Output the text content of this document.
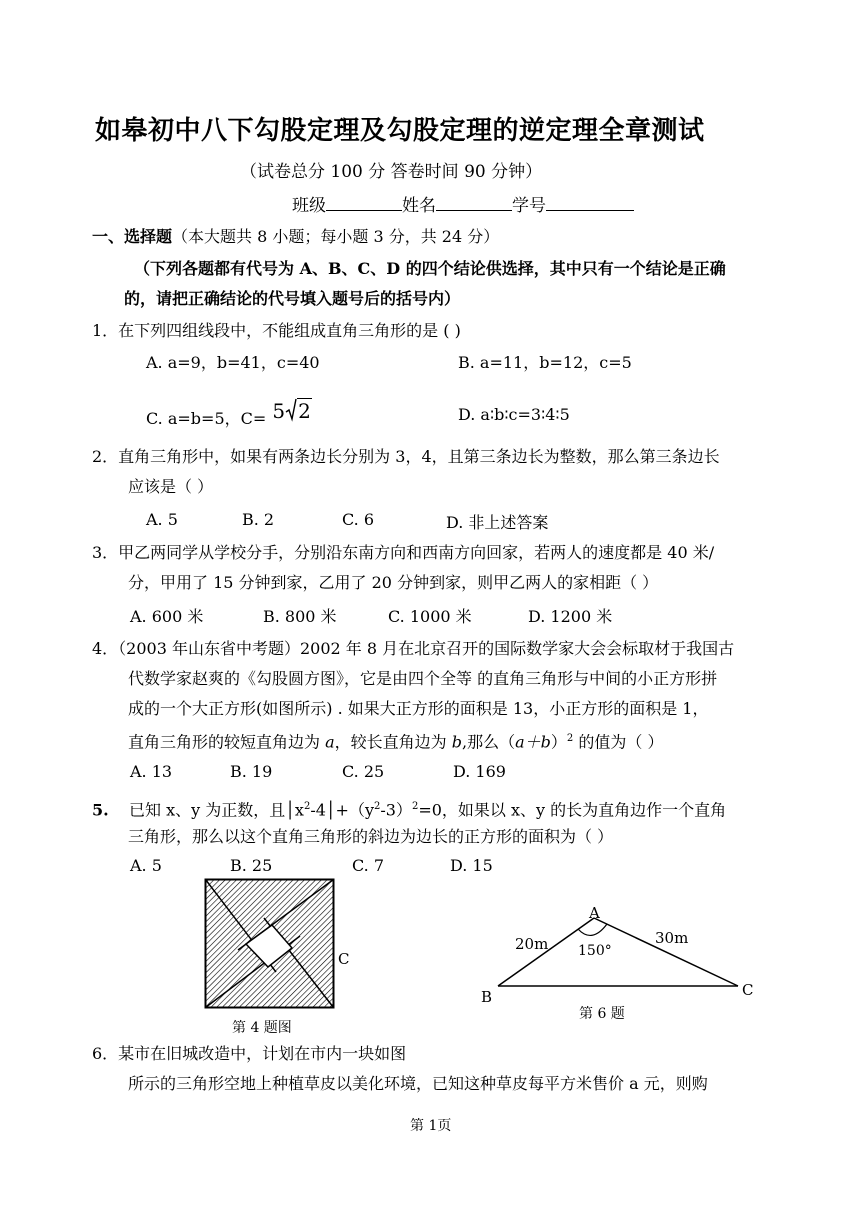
如皋初中八下勾股定理及勾股定理的逆定理全章测试
（试卷总分 100 分 答卷时间 90 分钟）
班级	姓名	学号
一、选择题（本大题共 8 小题；每小题 3 分，共 24 分）
（下列各题都有代号为 A、B、C、D 的四个结论供选择，其中只有一个结论是正确
的，请把正确结论的代号填入题号后的括号内）
1．在下列四组线段中，不能组成直角三角形的是 ( )
A. a=9，b=41，c=40	B. a=11，b=12，c=5
C. a=b=5，C= 5 2	D. a∶b∶c=3∶4∶5
2．直角三角形中，如果有两条边长分别为 3，4，且第三条边长为整数，那么第三条边长
应该是（ ）
A. 5	B. 2	C. 6	D. 非上述答案
3．甲乙两同学从学校分手，分别沿东南方向和西南方向回家，若两人的速度都是 40 米/
分，甲用了 15 分钟到家，乙用了 20 分钟到家，则甲乙两人的家相距（ ）
A. 600 米	B. 800 米	C. 1000 米	D. 1200 米
4．（2003 年山东省中考题）2002 年 8 月在北京召开的国际数学家大会会标取材于我国古
代数学家赵爽的《勾股圆方图》，它是由四个全等 的直角三角形与中间的小正方形拼
成的一个大正方形(如图所示) . 如果大正方形的面积是 13，小正方形的面积是 1，
直角三角形的较短直角边为 a，较长直角边为 b,那么$(a+b)^2$ 的值为（ ）
A. 13	B. 19	C. 25	D. 169
5. 已知 x、y 为正数，且$│x^2-4│+(y^2-3)^2=0$，如果以 x、y 的长为直角边作一个直角
三角形，那么以这个直角三角形的斜边为边长的正方形的面积为（ ）
A. 5	B. 25	C. 7	D. 15
C
第 4 题图
A
B	C
20m	30m
150°
第 6 题
6．某市在旧城改造中，计划在市内一块如图
所示的三角形空地上种植草皮以美化环境，已知这种草皮每平方米售价 a 元，则购
第 1页
